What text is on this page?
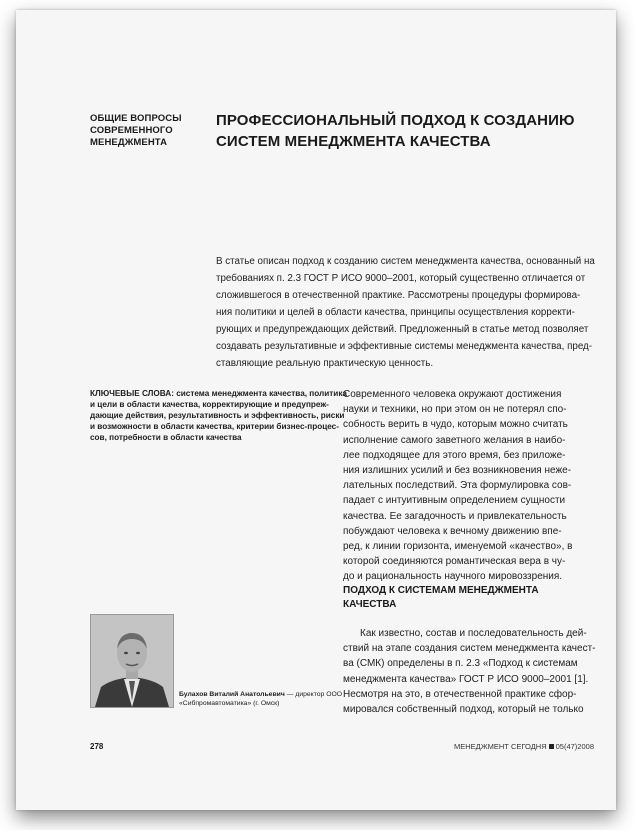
ОБЩИЕ ВОПРОСЫ
СОВРЕМЕННОГО
МЕНЕДЖМЕНТА
ПРОФЕССИОНАЛЬНЫЙ ПОДХОД К СОЗДАНИЮ
СИСТЕМ МЕНЕДЖМЕНТА КАЧЕСТВА
В статье описан подход к созданию систем менеджмента качества, основанный на
требованиях п. 2.3 ГОСТ Р ИСО 9000–2001, который существенно отличается от
сложившегося в отечественной практике. Рассмотрены процедуры формирова-
ния политики и целей в области качества, принципы осуществления корректи-
рующих и предупреждающих действий. Предложенный в статье метод позволяет
создавать результативные и эффективные системы менеджмента качества, пред-
ставляющие реальную практическую ценность.
КЛЮЧЕВЫЕ СЛОВА: система менеджмента качества, политика
и цели в области качества, корректирующие и предупреж-
дающие действия, результативность и эффективность, риски
и возможности в области качества, критерии бизнес-процес-
сов, потребности в области качества
Современного человека окружают достижения
науки и техники, но при этом он не потерял спо-
собность верить в чудо, которым можно считать
исполнение самого заветного желания в наибо-
лее подходящее для этого время, без приложе-
ния излишних усилий и без возникновения неже-
лательных последствий. Эта формулировка сов-
падает с интуитивным определением сущности
качества. Ее загадочность и привлекательность
побуждают человека к вечному движению впе-
ред, к линии горизонта, именуемой «качество», в
которой соединяются романтическая вера в чу-
до и рациональность научного мировоззрения.
ПОДХОД К СИСТЕМАМ МЕНЕДЖМЕНТА
КАЧЕСТВА
Как известно, состав и последовательность дей-
ствий на этапе создания систем менеджмента качест-
ва (СМК) определены в п. 2.3 «Подход к системам
менеджмента качества» ГОСТ Р ИСО 9000–2001 [1].
Несмотря на это, в отечественной практике сфор-
мировался собственный подход, который не только
Булахов Виталий Анатольевич — директор ООО
«Сибпромавтоматика» (г. Омск)
278	МЕНЕДЖМЕНТ СЕГОДНЯ 05(47)2008
